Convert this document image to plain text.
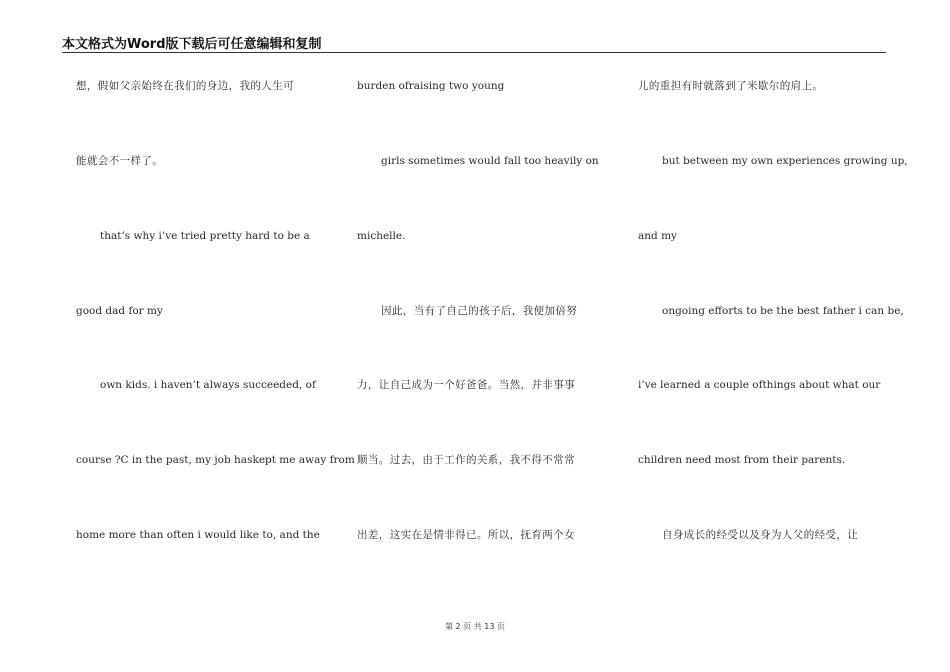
本文格式为Word版下载后可任意编辑和复制
想，假如父亲始终在我们的身边，我的人生可
能就会不一样了。
that’s why i’ve tried pretty hard to be a
good dad for my
own kids. i haven’t always succeeded, of
course ?C in the past, my job haskept me away from
home more than often i would like to, and the
burden ofraising two young
girls sometimes would fall too heavily on
michelle.
因此，当有了自己的孩子后，我便加倍努
力，让自己成为一个好爸爸。当然，并非事事
顺当。过去，由于工作的关系，我不得不常常
出差，这实在是情非得已。所以，抚育两个女
儿的重担有时就落到了米歇尔的肩上。
but between my own experiences growing up,
and my
ongoing efforts to be the best father i can be,
i’ve learned a couple ofthings about what our
children need most from their parents.
自身成长的经受以及身为人父的经受，让
第 2 页 共 13 页
